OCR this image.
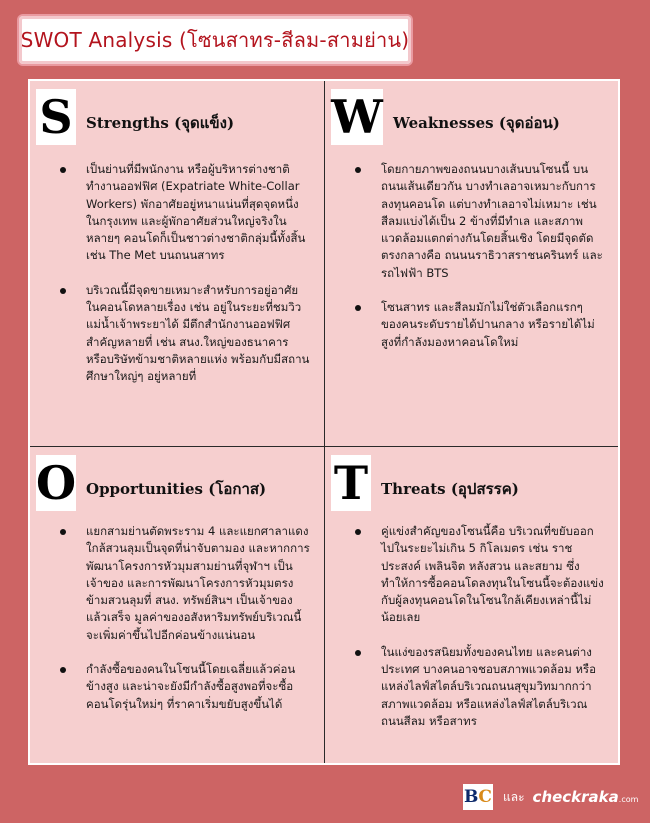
SWOT Analysis (โซนสาทร-สีลม-สามย่าน)
S Strengths (จุดแข็ง)
เป็นย่านที่มีพนักงาน หรือผู้บริหารต่างชาติทำงานออฟฟิศ (Expatriate White-Collar Workers) พักอาศัยอยู่หนาแน่นที่สุดจุดหนึ่งในกรุงเทพ และผู้พักอาศัยส่วนใหญ่จริงในหลายๆ คอนโดก็เป็นชาวต่างชาติกลุ่มนี้ทั้งสิ้น เช่น The Met บนถนนสาทร
บริเวณนี้มีจุดขายเหมาะสำหรับการอยู่อาศัยในคอนโดหลายเรื่อง เช่น อยู่ในระยะที่ชมวิวแม่น้ำเจ้าพระยาได้ มีตึกสำนักงานออฟฟิศสำคัญหลายที่ เช่น สนง.ใหญ่ของธนาคาร หรือบริษัทข้ามชาติหลายแห่ง พร้อมกับมีสถานศึกษาใหญ่ๆ อยู่หลายที่
W Weaknesses (จุดอ่อน)
โดยกายภาพของถนนบางเส้นบนโซนนี้ บนถนนเส้นเดียวกัน บางทำเลอาจเหมาะกับการลงทุนคอนโด แต่บางทำเลอาจไม่เหมาะ เช่น สีลมแบ่งได้เป็น 2 ข้างที่มีทำเล และสภาพแวดล้อมแตกต่างกันโดยสิ้นเชิง โดยมีจุดตัดตรงกลางคือ ถนนนราธิวาสราชนครินทร์ และรถไฟฟ้า BTS
โซนสาทร และสีลมมักไม่ใช่ตัวเลือกแรกๆ ของคนระดับรายได้ปานกลาง หรือรายได้ไม่สูงที่กำลังมองหาคอนโดใหม่
O Opportunities (โอกาส)
แยกสามย่านตัดพระราม 4 และแยกศาลาแดงใกล้สวนลุมเป็นจุดที่น่าจับตามอง และหากการพัฒนาโครงการหัวมุมสามย่านที่จุฬาฯ เป็นเจ้าของ และการพัฒนาโครงการหัวมุมตรงข้ามสวนลุมที่ สนง. ทรัพย์สินฯ เป็นเจ้าของแล้วเสร็จ มูลค่าของอสังหาริมทรัพย์บริเวณนี้จะเพิ่มค่าขึ้นไปอีกค่อนข้างแน่นอน
กำลังซื้อของคนในโซนนี้โดยเฉลี่ยแล้วค่อนข้างสูง และน่าจะยังมีกำลังซื้อสูงพอที่จะซื้อคอนโดรุ่นใหม่ๆ ที่ราคาเริ่มขยับสูงขึ้นได้
T Threats (อุปสรรค)
คู่แข่งสำคัญของโซนนี้คือ บริเวณที่ขยับออกไปในระยะไม่เกิน 5 กิโลเมตร เช่น ราชประสงค์ เพลินจิต หลังสวน และสยาม ซึ่งทำให้การซื้อคอนโดลงทุนในโซนนี้จะต้องแข่งกับผู้ลงทุนคอนโดในโซนใกล้เคียงเหล่านี้ไม่น้อยเลย
ในแง่ของรสนิยมทั้งของคนไทย และคนต่างประเทศ บางคนอาจชอบสภาพแวดล้อม หรือแหล่งไลฟ์สไตล์บริเวณถนนสุขุมวิทมากกว่าสภาพแวดล้อม หรือแหล่งไลฟ์สไตล์บริเวณถนนสีลม หรือสาทร
B C และ checkraka.com
